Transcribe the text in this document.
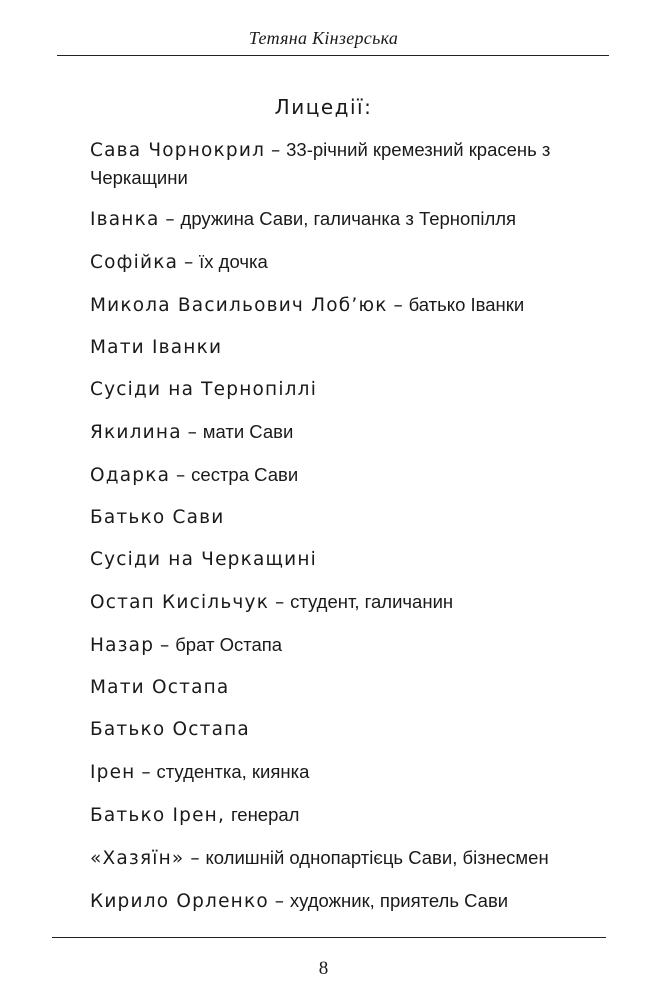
Тетяна Кінзерська
Лицедії:
Сава Чорнокрил – 33-річний кремезний красень з Черкащини
Іванка – дружина Сави, галичанка з Тернопілля
Софійка – їх дочка
Микола Васильович Лоб’юк – батько Іванки
Мати Іванки
Сусіди на Тернопіллі
Якилина – мати Сави
Одарка – сестра Сави
Батько Сави
Сусіди на Черкащині
Остап Кисільчук – студент, галичанин
Назар – брат Остапа
Мати Остапа
Батько Остапа
Ірен – студентка, киянка
Батько Ірен, генерал
«Хазяїн» – колишній однопартієць Сави, бізнесмен
Кирило Орленко – художник, приятель Сави
8
